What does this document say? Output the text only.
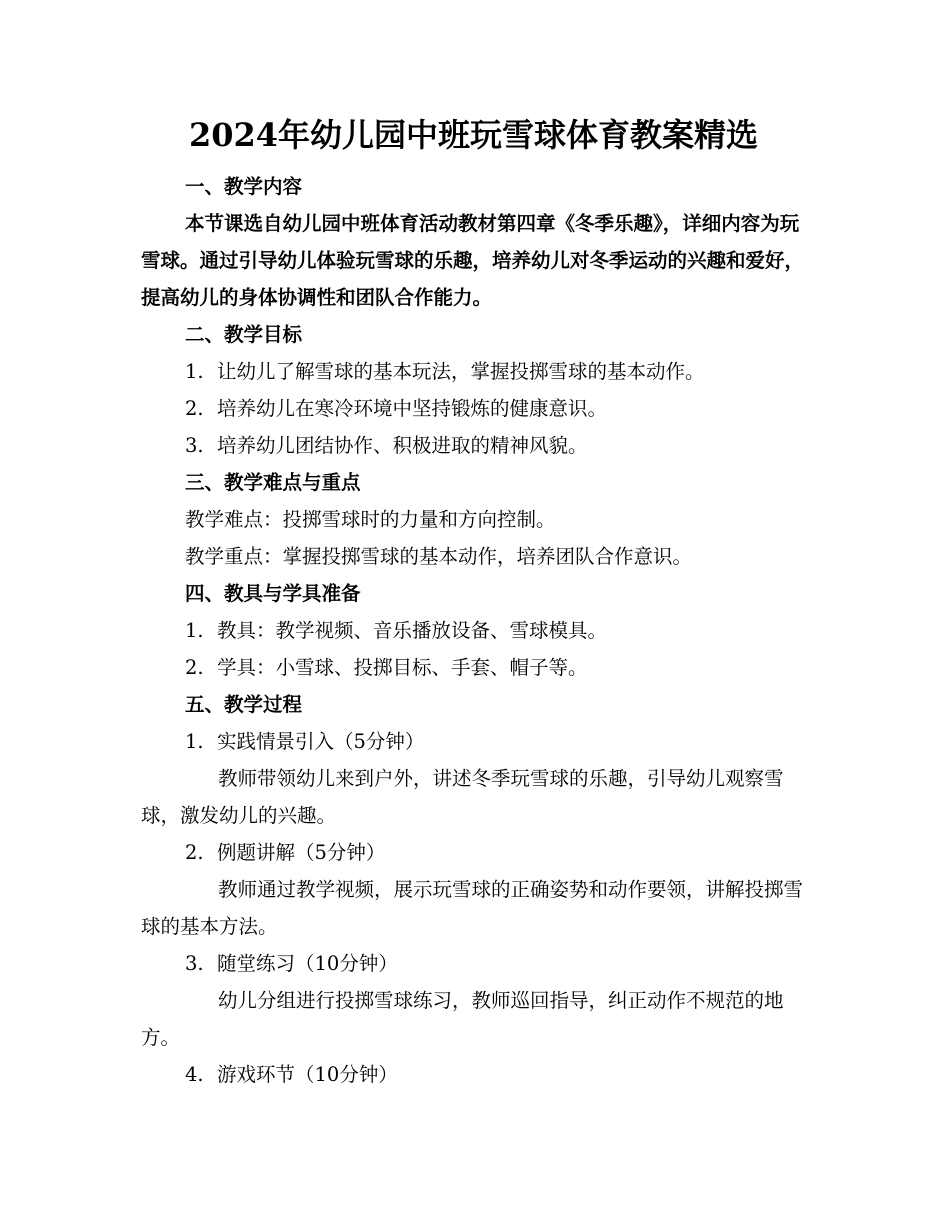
2024年幼儿园中班玩雪球体育教案精选

一、教学内容

本节课选自幼儿园中班体育活动教材第四章《冬季乐趣》，详细内容为玩雪球。通过引导幼儿体验玩雪球的乐趣，培养幼儿对冬季运动的兴趣和爱好，提高幼儿的身体协调性和团队合作能力。

二、教学目标

1. 让幼儿了解雪球的基本玩法，掌握投掷雪球的基本动作。
2. 培养幼儿在寒冷环境中坚持锻炼的健康意识。
3. 培养幼儿团结协作、积极进取的精神风貌。

三、教学难点与重点

教学难点：投掷雪球时的力量和方向控制。

教学重点：掌握投掷雪球的基本动作，培养团队合作意识。

四、教具与学具准备

1. 教具：教学视频、音乐播放设备、雪球模具。
2. 学具：小雪球、投掷目标、手套、帽子等。

五、教学过程

1. 实践情景引入（5分钟）

教师带领幼儿来到户外，讲述冬季玩雪球的乐趣，引导幼儿观察雪球，激发幼儿的兴趣。

2. 例题讲解（5分钟）

教师通过教学视频，展示玩雪球的正确姿势和动作要领，讲解投掷雪球的基本方法。

3. 随堂练习（10分钟）

幼儿分组进行投掷雪球练习，教师巡回指导，纠正动作不规范的地方。

4. 游戏环节（10分钟）
